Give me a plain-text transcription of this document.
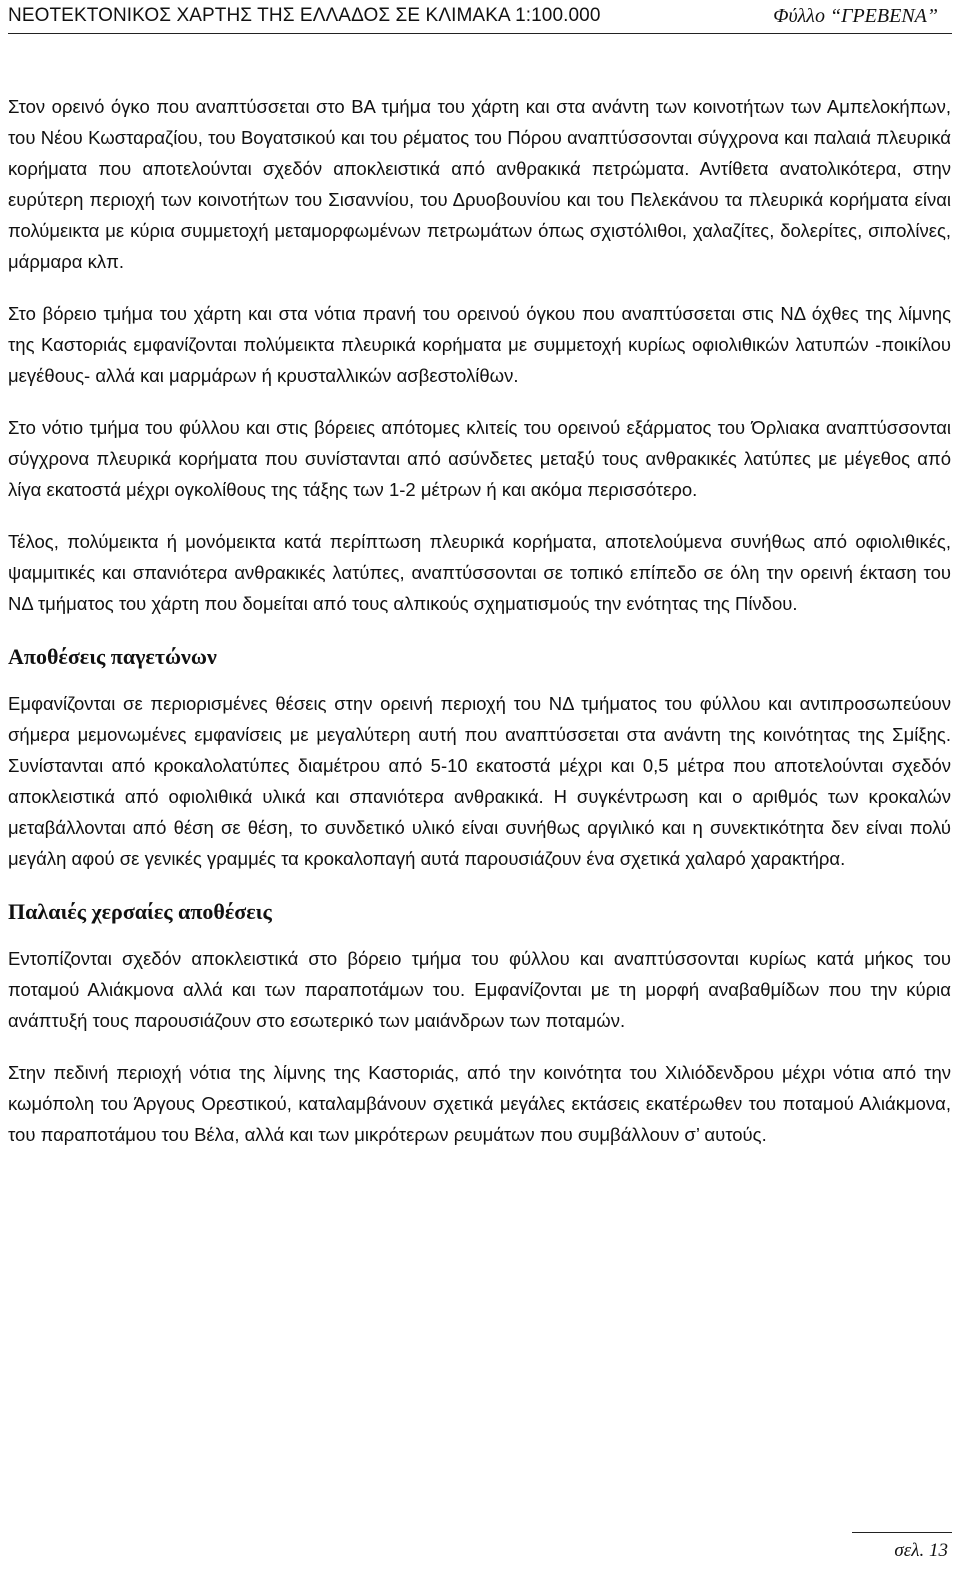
ΝΕΟΤΕΚΤΟΝΙΚΟΣ ΧΑΡΤΗΣ ΤΗΣ ΕΛΛΑΔΟΣ ΣΕ ΚΛΙΜΑΚΑ 1:100.000	Φύλλο “ΓΡΕΒΕΝΑ”

Στον ορεινό όγκο που αναπτύσσεται στο ΒΑ τμήμα του χάρτη και στα ανάντη των κοινοτήτων των Αμπελοκήπων, του Νέου Κωσταραζίου, του Βογατσικού και του ρέματος του Πόρου αναπτύσσονται σύγχρονα και παλαιά πλευρικά κορήματα που αποτελούνται σχεδόν αποκλειστικά από ανθρακικά πετρώματα. Αντίθετα ανατολικότερα, στην ευρύτερη περιοχή των κοινοτήτων του Σισαννίου, του Δρυοβουνίου και του Πελεκάνου τα πλευρικά κορήματα είναι πολύμεικτα με κύρια συμμετοχή μεταμορφωμένων πετρωμάτων όπως σχιστόλιθοι, χαλαζίτες, δολερίτες, σιπολίνες, μάρμαρα κλπ.

Στο βόρειο τμήμα του χάρτη και στα νότια πρανή του ορεινού όγκου που αναπτύσσεται στις ΝΔ όχθες της λίμνης της Καστοριάς εμφανίζονται πολύμεικτα πλευρικά κορήματα με συμμετοχή κυρίως οφιολιθικών λατυπών -ποικίλου μεγέθους- αλλά και μαρμάρων ή κρυσταλλικών ασβεστολίθων.

Στο νότιο τμήμα του φύλλου και στις βόρειες απότομες κλιτείς του ορεινού εξάρματος του Όρλιακα αναπτύσσονται σύγχρονα πλευρικά κορήματα που συνίστανται από ασύνδετες μεταξύ τους ανθρακικές λατύπες με μέγεθος από λίγα εκατοστά μέχρι ογκολίθους της τάξης των 1-2 μέτρων ή και ακόμα περισσότερο.

Τέλος, πολύμεικτα ή μονόμεικτα κατά περίπτωση πλευρικά κορήματα, αποτελούμενα συνήθως από οφιολιθικές, ψαμμιτικές και σπανιότερα ανθρακικές λατύπες, αναπτύσσονται σε τοπικό επίπεδο σε όλη την ορεινή έκταση του ΝΔ τμήματος του χάρτη που δομείται από τους αλπικούς σχηματισμούς την ενότητας της Πίνδου.

Αποθέσεις παγετώνων

Εμφανίζονται σε περιορισμένες θέσεις στην ορεινή περιοχή του ΝΔ τμήματος του φύλλου και αντιπροσωπεύουν σήμερα μεμονωμένες εμφανίσεις με μεγαλύτερη αυτή που αναπτύσσεται στα ανάντη της κοινότητας της Σμίξης. Συνίστανται από κροκαλολατύπες διαμέτρου από 5-10 εκατοστά μέχρι και 0,5 μέτρα που αποτελούνται σχεδόν αποκλειστικά από οφιολιθικά υλικά και σπανιότερα ανθρακικά. Η συγκέντρωση και ο αριθμός των κροκαλών μεταβάλλονται από θέση σε θέση, το συνδετικό υλικό είναι συνήθως αργιλικό και η συνεκτικότητα δεν είναι πολύ μεγάλη αφού σε γενικές γραμμές τα κροκαλοπαγή αυτά παρουσιάζουν ένα σχετικά χαλαρό χαρακτήρα.

Παλαιές χερσαίες αποθέσεις

Εντοπίζονται σχεδόν αποκλειστικά στο βόρειο τμήμα του φύλλου και αναπτύσσονται κυρίως κατά μήκος του ποταμού Αλιάκμονα αλλά και των παραποτάμων του. Εμφανίζονται με τη μορφή αναβαθμίδων που την κύρια ανάπτυξή τους παρουσιάζουν στο εσωτερικό των μαιάνδρων των ποταμών.

Στην πεδινή περιοχή νότια της λίμνης της Καστοριάς, από την κοινότητα του Χιλιόδενδρου μέχρι νότια από την κωμόπολη του Άργους Ορεστικού, καταλαμβάνουν σχετικά μεγάλες εκτάσεις εκατέρωθεν του ποταμού Αλιάκμονα, του παραποτάμου του Βέλα, αλλά και των μικρότερων ρευμάτων που συμβάλλουν σ’ αυτούς.

σελ. 13
